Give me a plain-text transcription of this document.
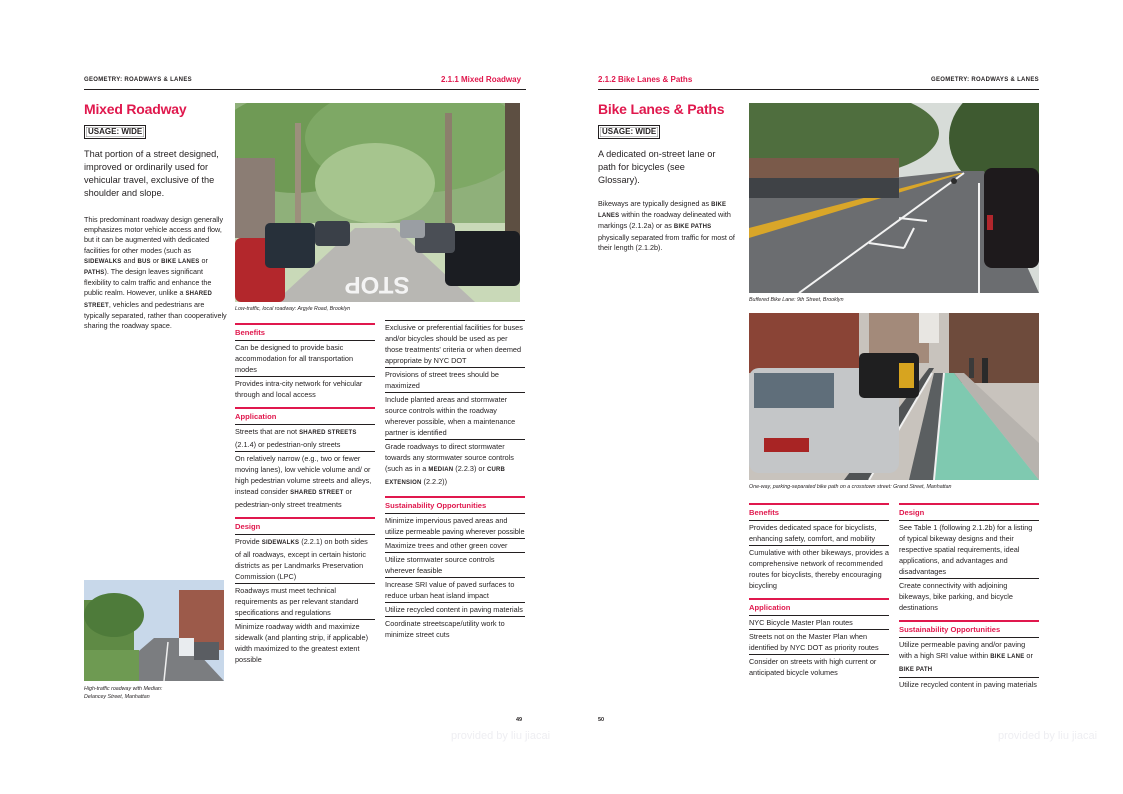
GEOMETRY: ROADWAYS & LANES	2.1.1 Mixed Roadway
Mixed Roadway
USAGE: WIDE
That portion of a street designed, improved or ordinarily used for vehicular travel, exclusive of the shoulder and slope.
This predominant roadway design generally emphasizes motor vehicle access and flow, but it can be augmented with dedicated facilities for other modes (such as SIDEWALKS and BUS or BIKE LANES or PATHS). The design leaves significant flexibility to calm traffic and enhance the public realm. However, unlike a SHARED STREET, vehicles and pedestrians are typically separated, rather than cooperatively sharing the roadway space.
STOP
Low-traffic, local roadway: Argyle Road, Brooklyn
High-traffic roadway with Median:
Delancey Street, Manhattan
Benefits
Can be designed to provide basic accommodation for all transportation modes
Provides intra-city network for vehicular through and local access
Application
Streets that are not SHARED STREETS (2.1.4) or pedestrian-only streets
On relatively narrow (e.g., two or fewer moving lanes), low vehicle volume and/ or high pedestrian volume streets and alleys, instead consider SHARED STREET or pedestrian-only street treatments
Design
Provide SIDEWALKS (2.2.1) on both sides of all roadways, except in certain historic districts as per Landmarks Preservation Commission (LPC)
Roadways must meet technical requirements as per relevant standard specifications and regulations
Minimize roadway width and maximize sidewalk (and planting strip, if applicable) width maximized to the greatest extent possible
Exclusive or preferential facilities for buses and/or bicycles should be used as per those treatments' criteria or when deemed appropriate by NYC DOT
Provisions of street trees should be maximized
Include planted areas and stormwater source controls within the roadway wherever possible, when a maintenance partner is identified
Grade roadways to direct stormwater towards any stormwater source controls (such as in a MEDIAN (2.2.3) or CURB EXTENSION (2.2.2))
Sustainability Opportunities
Minimize impervious paved areas and utilize permeable paving wherever possible
Maximize trees and other green cover
Utilize stormwater source controls wherever feasible
Increase SRI value of paved surfaces to reduce urban heat island impact
Utilize recycled content in paving materials
Coordinate streetscape/utility work to minimize street cuts
49
provided by liu jiacai
2.1.2 Bike Lanes & Paths	GEOMETRY: ROADWAYS & LANES
Bike Lanes & Paths
USAGE: WIDE
A dedicated on-street lane or path for bicycles (see Glossary).
Bikeways are typically designed as BIKE LANES within the roadway delineated with markings (2.1.2a) or as BIKE PATHS physically separated from traffic for most of their length (2.1.2b).
Buffered Bike Lane: 9th Street, Brooklyn
One-way, parking-separated bike path on a crosstown street: Grand Street, Manhattan
Benefits
Provides dedicated space for bicyclists, enhancing safety, comfort, and mobility
Cumulative with other bikeways, provides a comprehensive network of recommended routes for bicyclists, thereby encouraging bicycling
Application
NYC Bicycle Master Plan routes
Streets not on the Master Plan when identified by NYC DOT as priority routes
Consider on streets with high current or anticipated bicycle volumes
Design
See Table 1 (following 2.1.2b) for a listing of typical bikeway designs and their respective spatial requirements, ideal applications, and advantages and disadvantages
Create connectivity with adjoining bikeways, bike parking, and bicycle destinations
Sustainability Opportunities
Utilize permeable paving and/or paving with a high SRI value within BIKE LANE or BIKE PATH
Utilize recycled content in paving materials
50
provided by liu jiacai
